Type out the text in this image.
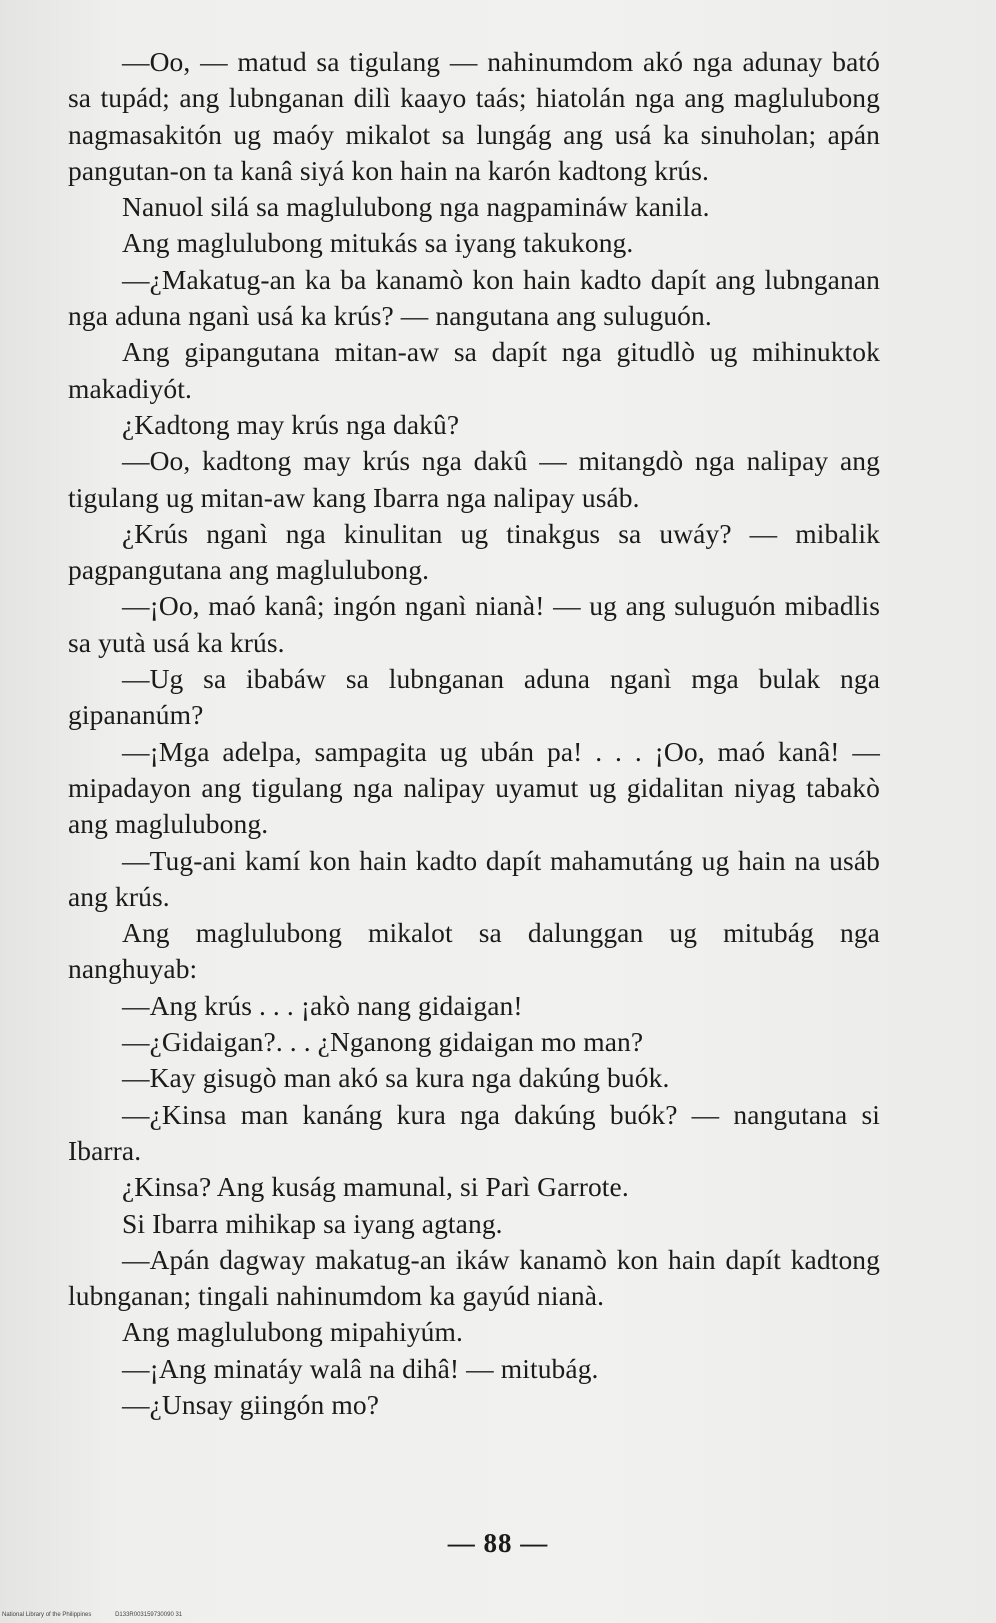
—Oo, — matud sa tigulang — nahinumdom akó nga adunay bató sa tupád; ang lubnganan dilì kaayo taás; hiatolán nga ang maglulubong nagmasakitón ug maóy mikalot sa lungág ang usá ka sinuholan; apán pangutan-on ta kanâ siyá kon hain na karón kadtong krús.

Nanuol silá sa maglulubong nga nagpamináw kanila.

Ang maglulubong mitukás sa iyang takukong.

—¿Makatug-an ka ba kanamò kon hain kadto dapít ang lubnganan nga aduna nganì usá ka krús? — nangutana ang suluguón.

Ang gipangutana mitan-aw sa dapít nga gitudlò ug mihinuktok makadiyót.

¿Kadtong may krús nga dakû?

—Oo, kadtong may krús nga dakû — mitangdò nga nalipay ang tigulang ug mitan-aw kang Ibarra nga nalipay usáb.

¿Krús nganì nga kinulitan ug tinakgus sa uwáy? — mibalik pagpangutana ang maglulubong.

—¡Oo, maó kanâ; ingón nganì nianà! — ug ang suluguón mibadlis sa yutà usá ka krús.

—Ug sa ibabáw sa lubnganan aduna nganì mga bulak nga gipananúm?

—¡Mga adelpa, sampagita ug ubán pa! . . . ¡Oo, maó kanâ! — mipadayon ang tigulang nga nalipay uyamut ug gidalitan niyag tabakò ang maglulubong.

—Tug-ani kamí kon hain kadto dapít mahamutáng ug hain na usáb ang krús.

Ang maglulubong mikalot sa dalunggan ug mitubág nga nanghuyab:

—Ang krús . . . ¡akò nang gidaigan!

—¿Gidaigan?. . . ¿Nganong gidaigan mo man?

—Kay gisugò man akó sa kura nga dakúng buók.

—¿Kinsa man kanáng kura nga dakúng buók? — nangutana si Ibarra.

¿Kinsa? Ang kuság mamunal, si Parì Garrote.

Si Ibarra mihikap sa iyang agtang.

—Apán dagway makatug-an ikáw kanamò kon hain dapít kadtong lubnganan; tingali nahinumdom ka gayúd nianà.

Ang maglulubong mipahiyúm.

—¡Ang minatáy walâ na dihâ! — mitubág.

—¿Unsay giingón mo?

— 88 —
National Library of the Philippines	D133R003159730090 31
